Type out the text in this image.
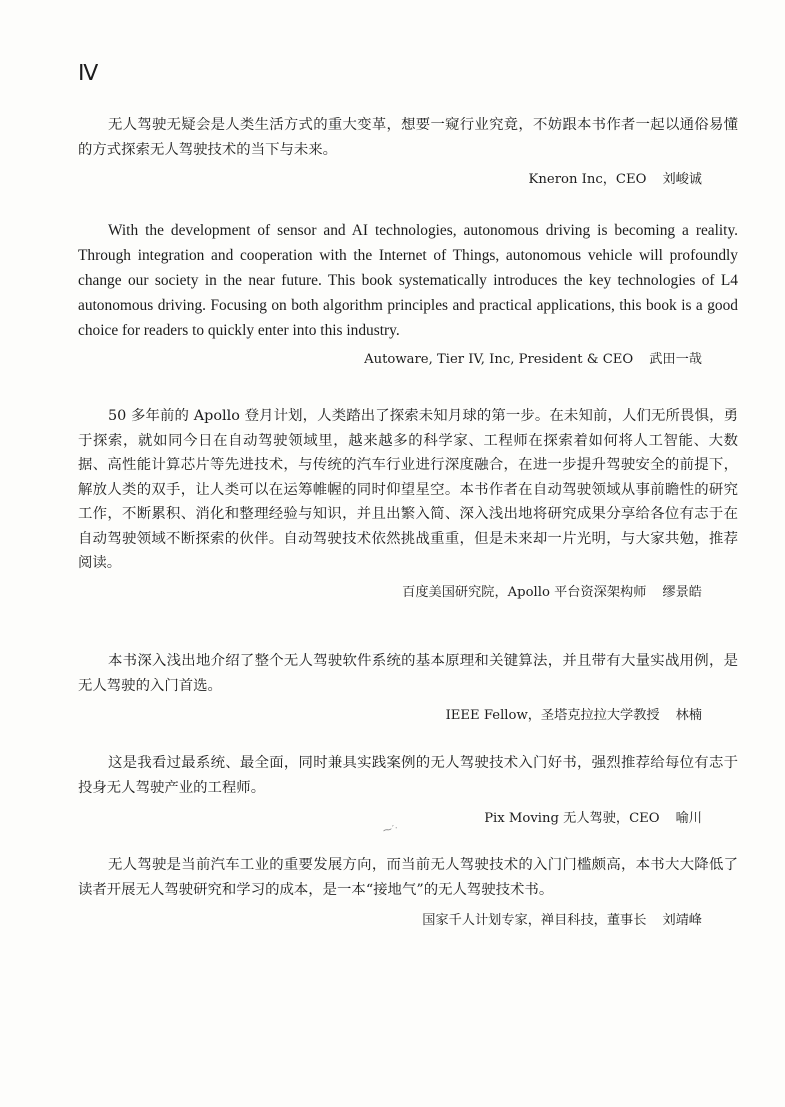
Ⅳ

无人驾驶无疑会是人类生活方式的重大变革，想要一窥行业究竟，不妨跟本书作者一起以通俗易懂的方式探索无人驾驶技术的当下与未来。

Kneron Inc，CEO 刘峻诚

With the development of sensor and AI technologies, autonomous driving is becoming a reality. Through integration and cooperation with the Internet of Things, autonomous vehicle will profoundly change our society in the near future. This book systematically introduces the key technologies of L4 autonomous driving. Focusing on both algorithm principles and practical applications, this book is a good choice for readers to quickly enter into this industry.

Autoware, Tier IV, Inc, President & CEO 武田一哉

50 多年前的 Apollo 登月计划，人类踏出了探索未知月球的第一步。在未知前，人们无所畏惧，勇于探索，就如同今日在自动驾驶领域里，越来越多的科学家、工程师在探索着如何将人工智能、大数据、高性能计算芯片等先进技术，与传统的汽车行业进行深度融合，在进一步提升驾驶安全的前提下，解放人类的双手，让人类可以在运筹帷幄的同时仰望星空。本书作者在自动驾驶领域从事前瞻性的研究工作，不断累积、消化和整理经验与知识，并且出繁入简、深入浅出地将研究成果分享给各位有志于在自动驾驶领域不断探索的伙伴。自动驾驶技术依然挑战重重，但是未来却一片光明，与大家共勉，推荐阅读。

百度美国研究院，Apollo 平台资深架构师 缪景皓

本书深入浅出地介绍了整个无人驾驶软件系统的基本原理和关键算法，并且带有大量实战用例，是无人驾驶的入门首选。

IEEE Fellow，圣塔克拉拉大学教授 林楠

这是我看过最系统、最全面，同时兼具实践案例的无人驾驶技术入门好书，强烈推荐给每位有志于投身无人驾驶产业的工程师。

Pix Moving 无人驾驶，CEO 喻川

⁓ˊ·

无人驾驶是当前汽车工业的重要发展方向，而当前无人驾驶技术的入门门槛颇高，本书大大降低了读者开展无人驾驶研究和学习的成本，是一本“接地气”的无人驾驶技术书。

国家千人计划专家，禅目科技，董事长 刘靖峰
